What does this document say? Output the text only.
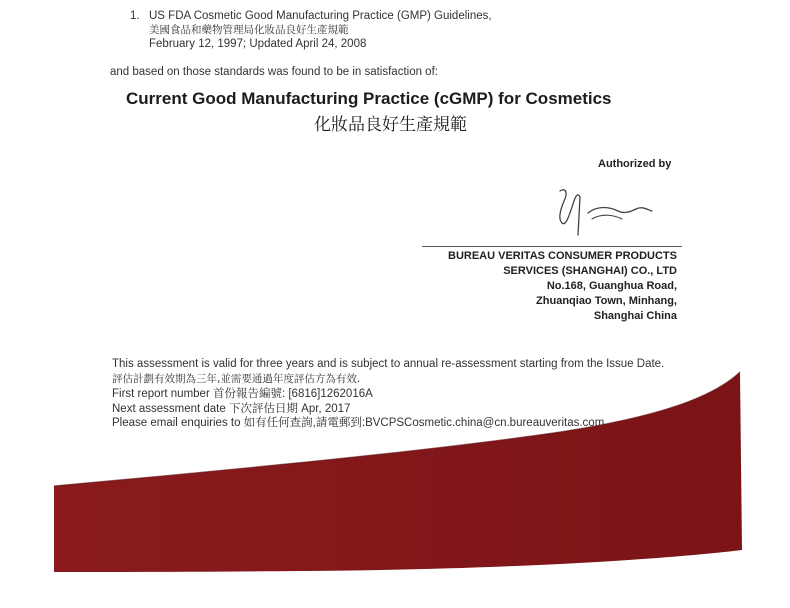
1. US FDA Cosmetic Good Manufacturing Practice (GMP) Guidelines,
美國食品和藥物管理局化妝品良好生產規範
February 12, 1997; Updated April 24, 2008
and based on those standards was found to be in satisfaction of:
Current Good Manufacturing Practice (cGMP) for Cosmetics
化妝品良好生產規範
Authorized by
BUREAU VERITAS CONSUMER PRODUCTS
SERVICES (SHANGHAI) CO., LTD
No.168, Guanghua Road,
Zhuanqiao Town, Minhang,
Shanghai China
This assessment is valid for three years and is subject to annual re-assessment starting from the Issue Date.
評估計劃有效期為三年,並需要通過年度評估方為有效.
First report number 首份報告編號: [6816]1262016A
Next assessment date 下次評估日期 Apr, 2017
Please email enquiries to 如有任何查詢,請電郵到:BVCPSCosmetic.china@cn.bureauveritas.com
